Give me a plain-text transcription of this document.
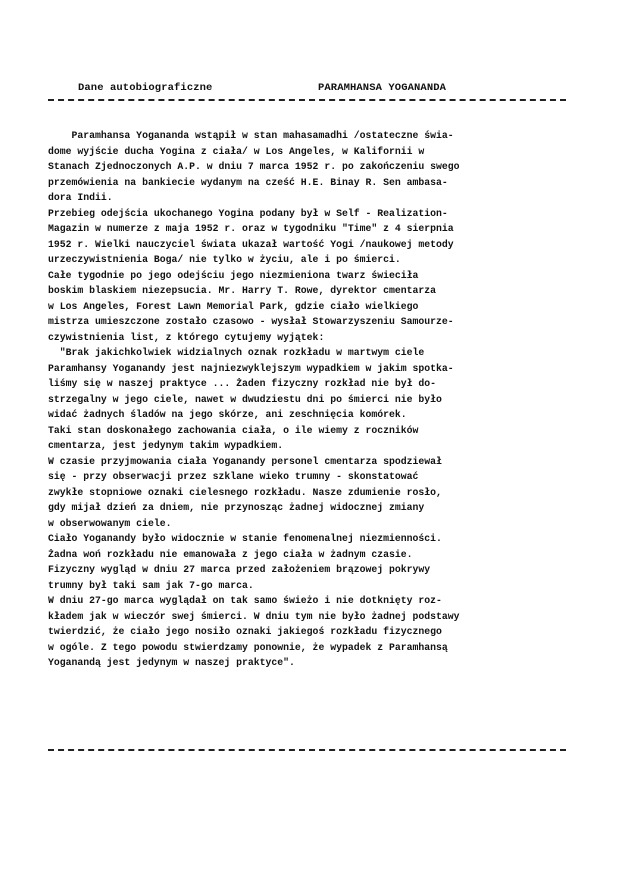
Dane autobiograficzne	PARAMHANSA YOGANANDA
Paramhansa Yogananda wstąpił w stan mahasamadhi /ostateczne świa-
dome wyjście ducha Yogina z ciała/ w Los Angeles, w Kalifornii w
Stanach Zjednoczonych A.P. w dniu 7 marca 1952 r. po zakończeniu swego
przemówienia na bankiecie wydanym na cześć H.E. Binay R. Sen ambasa-
dora Indii.
Przebieg odejścia ukochanego Yogina podany był w Self - Realization-
Magazin w numerze z maja 1952 r. oraz w tygodniku "Time" z 4 sierpnia
1952 r. Wielki nauczyciel świata ukazał wartość Yogi /naukowej metody
urzeczywistnienia Boga/ nie tylko w życiu, ale i po śmierci.
Całe tygodnie po jego odejściu jego niezmieniona twarz świeciła
boskim blaskiem niezepsucia. Mr. Harry T. Rowe, dyrektor cmentarza
w Los Angeles, Forest Lawn Memorial Park, gdzie ciało wielkiego
mistrza umieszczone zostało czasowo - wysłał Stowarzyszeniu Samourze-
czywistnienia list, z którego cytujemy wyjątek:
"Brak jakichkolwiek widzialnych oznak rozkładu w martwym ciele
Paramhansy Yoganandy jest najniezwyklejszym wypadkiem w jakim spotka-
liśmy się w naszej praktyce ... Żaden fizyczny rozkład nie był do-
strzegalny w jego ciele, nawet w dwudziestu dni po śmierci nie było
widać żadnych śladów na jego skórze, ani zeschnięcia komórek.
Taki stan doskonałego zachowania ciała, o ile wiemy z roczników
cmentarza, jest jedynym takim wypadkiem.
W czasie przyjmowania ciała Yoganandy personel cmentarza spodziewał
się - przy obserwacji przez szklane wieko trumny - skonstatować
zwykłe stopniowe oznaki cielesnego rozkładu. Nasze zdumienie rosło,
gdy mijał dzień za dniem, nie przynosząc żadnej widocznej zmiany
w obserwowanym ciele.
Ciało Yoganandy było widocznie w stanie fenomenalnej niezmienności.
Żadna woń rozkładu nie emanowała z jego ciała w żadnym czasie.
Fizyczny wygląd w dniu 27 marca przed założeniem brązowej pokrywy
trumny był taki sam jak 7-go marca.
W dniu 27-go marca wyglądał on tak samo świeżo i nie dotknięty roz-
kładem jak w wieczór swej śmierci. W dniu tym nie było żadnej podstawy
twierdzić, że ciało jego nosiło oznaki jakiegoś rozkładu fizycznego
w ogóle. Z tego powodu stwierdzamy ponownie, że wypadek z Paramhansą
Yoganandą jest jedynym w naszej praktyce".
